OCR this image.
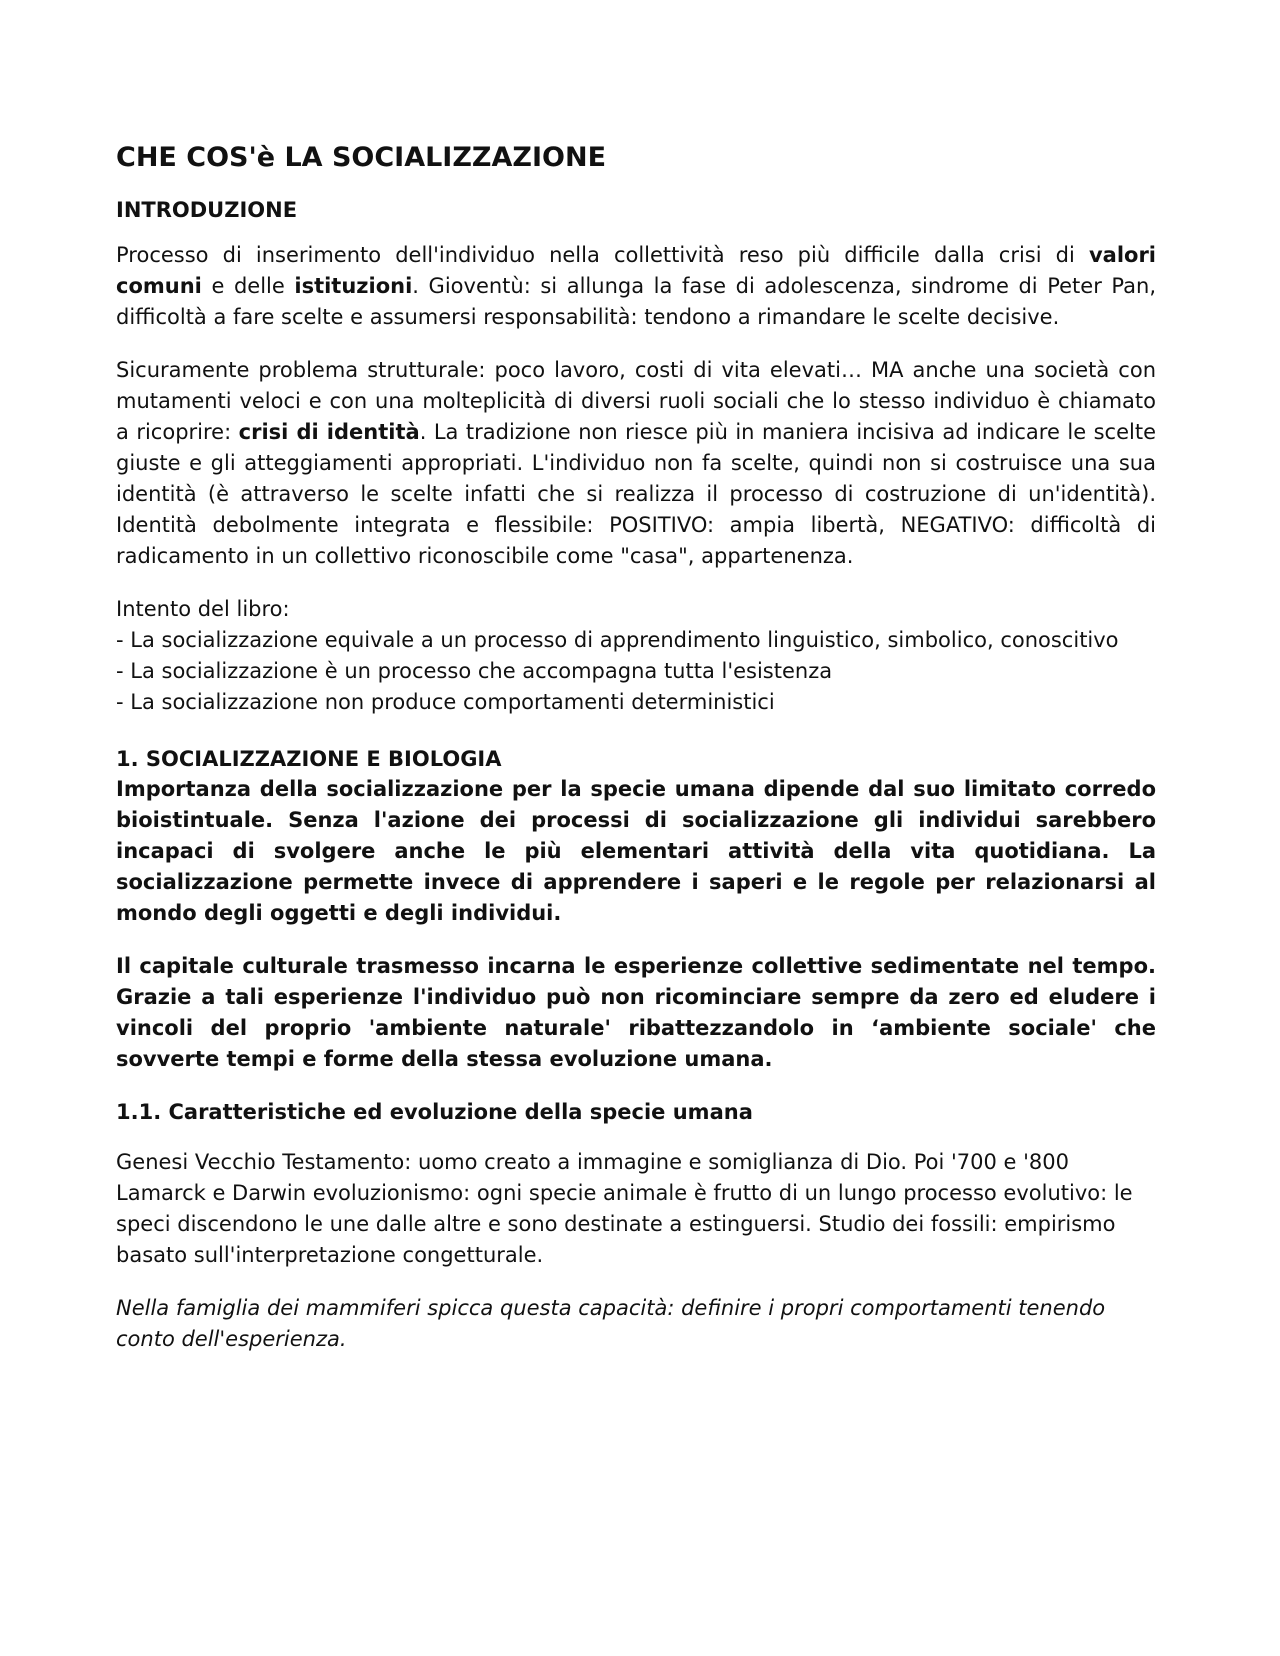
CHE COS'è LA SOCIALIZZAZIONE
INTRODUZIONE

Processo di inserimento dell'individuo nella collettività reso più difficile dalla crisi di valori comuni e delle istituzioni. Gioventù: si allunga la fase di adolescenza, sindrome di Peter Pan, difficoltà a fare scelte e assumersi responsabilità: tendono a rimandare le scelte decisive.

Sicuramente problema strutturale: poco lavoro, costi di vita elevati… MA anche una società con mutamenti veloci e con una molteplicità di diversi ruoli sociali che lo stesso individuo è chiamato a ricoprire: crisi di identità. La tradizione non riesce più in maniera incisiva ad indicare le scelte giuste e gli atteggiamenti appropriati. L'individuo non fa scelte, quindi non si costruisce una sua identità (è attraverso le scelte infatti che si realizza il processo di costruzione di un'identità). Identità debolmente integrata e flessibile: POSITIVO: ampia libertà, NEGATIVO: difficoltà di radicamento in un collettivo riconoscibile come "casa", appartenenza.

Intento del libro:
- La socializzazione equivale a un processo di apprendimento linguistico, simbolico, conoscitivo
- La socializzazione è un processo che accompagna tutta l'esistenza
- La socializzazione non produce comportamenti deterministici
1. SOCIALIZZAZIONE E BIOLOGIA

Importanza della socializzazione per la specie umana dipende dal suo limitato corredo bioistintuale. Senza l'azione dei processi di socializzazione gli individui sarebbero incapaci di svolgere anche le più elementari attività della vita quotidiana. La socializzazione permette invece di apprendere i saperi e le regole per relazionarsi al mondo degli oggetti e degli individui.

Il capitale culturale trasmesso incarna le esperienze collettive sedimentate nel tempo. Grazie a tali esperienze l'individuo può non ricominciare sempre da zero ed eludere i vincoli del proprio 'ambiente naturale' ribattezzandolo in ‘ambiente sociale' che sovverte tempi e forme della stessa evoluzione umana.

1.1. Caratteristiche ed evoluzione della specie umana

Genesi Vecchio Testamento: uomo creato a immagine e somiglianza di Dio. Poi '700 e '800 Lamarck e Darwin evoluzionismo: ogni specie animale è frutto di un lungo processo evolutivo: le speci discendono le une dalle altre e sono destinate a estinguersi. Studio dei fossili: empirismo basato sull'interpretazione congetturale.

Nella famiglia dei mammiferi spicca questa capacità: definire i propri comportamenti tenendo conto dell'esperienza.
